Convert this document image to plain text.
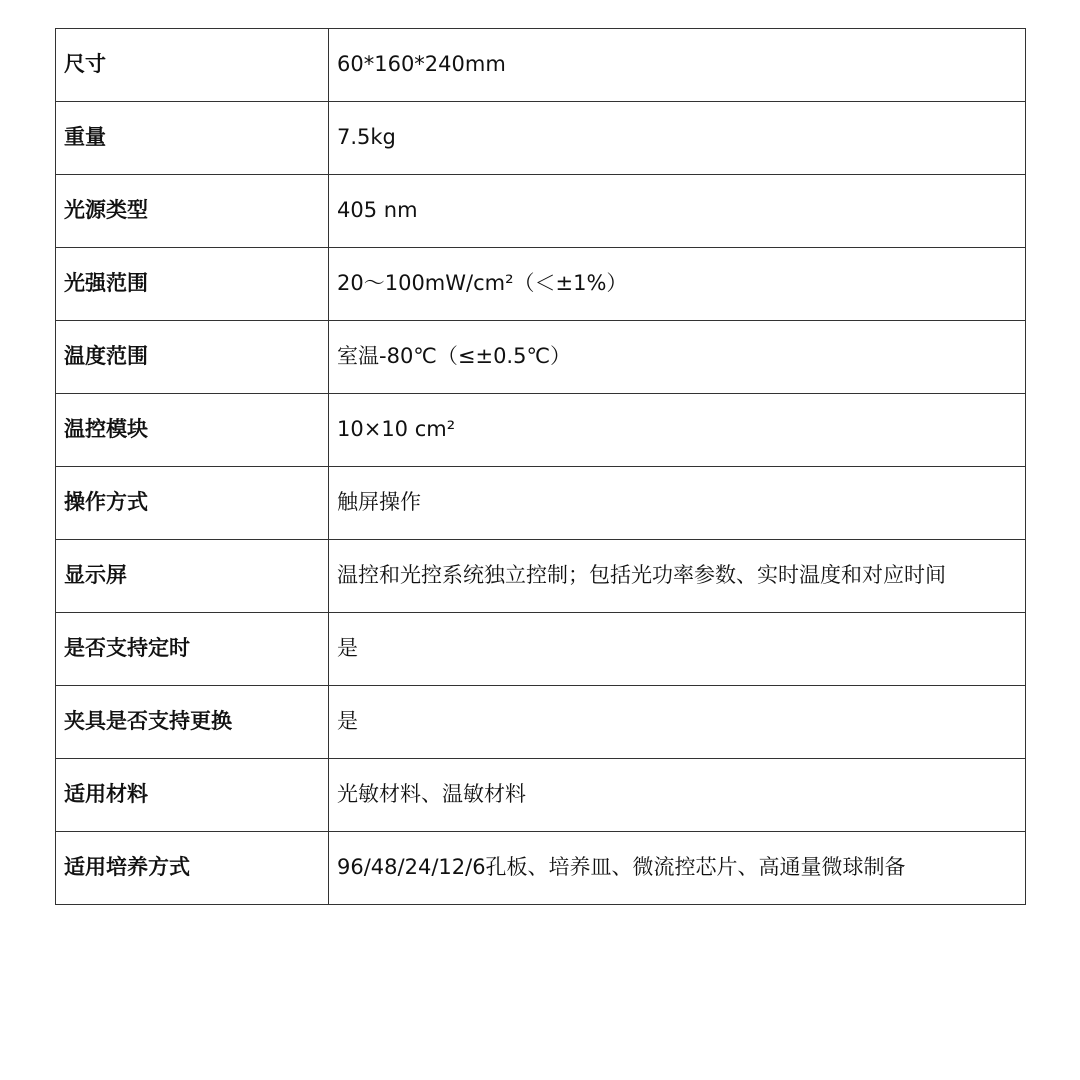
尺寸	60*160*240mm
重量	7.5kg
光源类型	405 nm
光强范围	20～100mW/cm²（＜±1%）
温度范围	室温-80℃（≤±0.5℃）
温控模块	10×10 cm²
操作方式	触屏操作
显示屏	温控和光控系统独立控制；包括光功率参数、实时温度和对应时间
是否支持定时	是
夹具是否支持更换	是
适用材料	光敏材料、温敏材料
适用培养方式	96/48/24/12/6孔板、培养皿、微流控芯片、高通量微球制备
